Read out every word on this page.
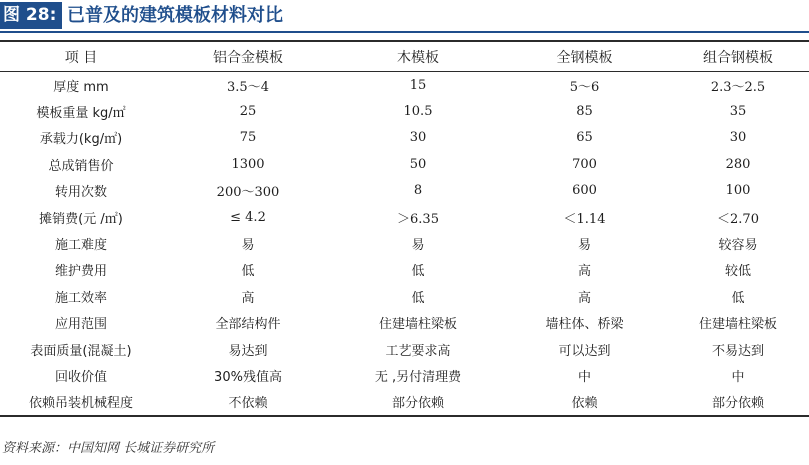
图 28: 已普及的建筑模板材料对比
项 目	铝合金模板	木模板	全钢模板	组合钢模板
厚度 mm	3.5～4	15	5～6	2.3～2.5
模板重量 kg/㎡	25	10.5	85	35
承载力(kg/㎡)	75	30	65	30
总成销售价	1300	50	700	280
转用次数	200～300	8	600	100
摊销费(元 /㎡)	≤ 4.2	＞6.35	＜1.14	＜2.70
施工难度	易	易	易	较容易
维护费用	低	低	高	较低
施工效率	高	低	高	低
应用范围	全部结构件	住建墙柱梁板	墙柱体、桥梁	住建墙柱梁板
表面质量(混凝土)	易达到	工艺要求高	可以达到	不易达到
回收价值	30%残值高	无 ,另付清理费	中	中
依赖吊装机械程度	不依赖	部分依赖	依赖	部分依赖
资料来源：中国知网 长城证券研究所
